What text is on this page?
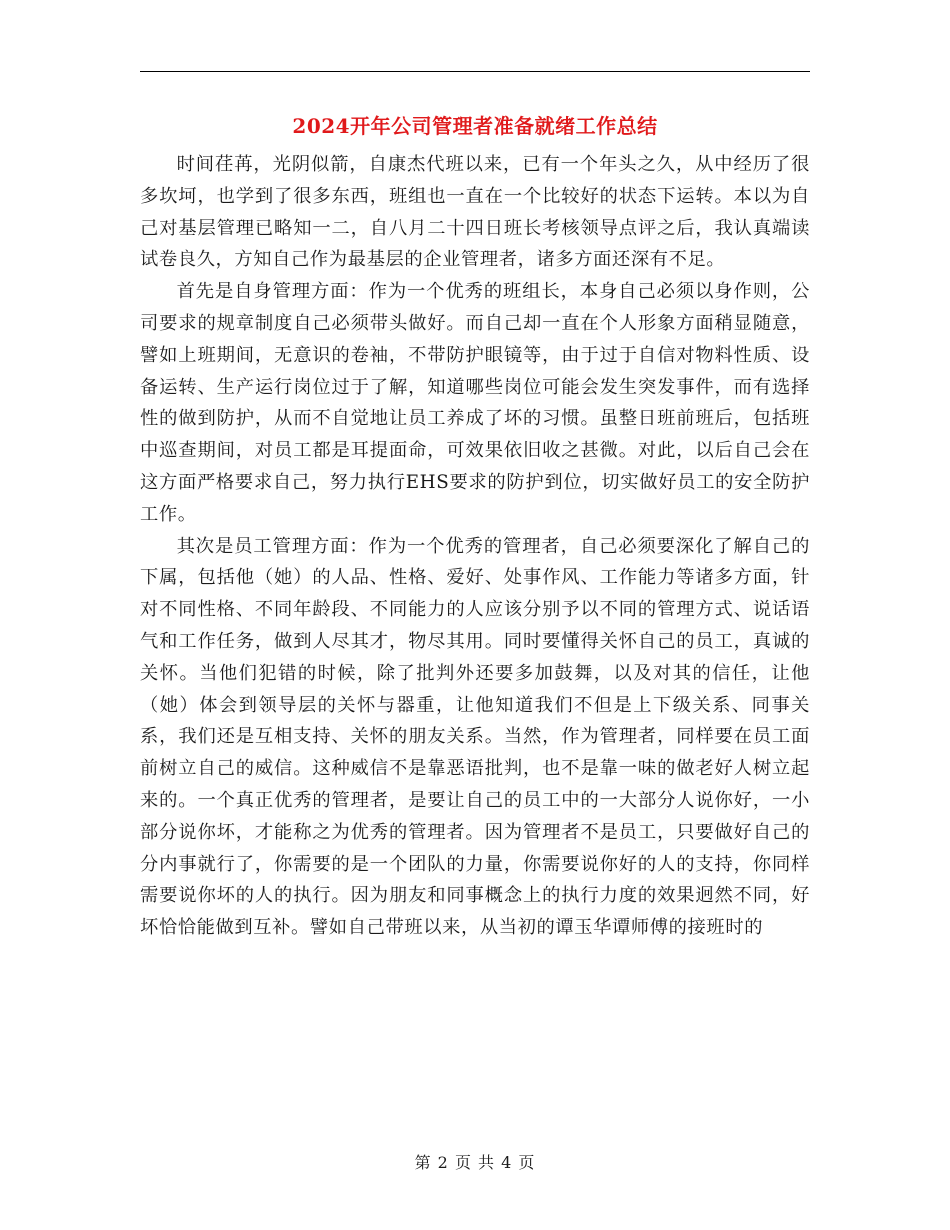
2024开年公司管理者准备就绪工作总结

时间荏苒，光阴似箭，自康杰代班以来，已有一个年头之久，从中经历了很多坎坷，也学到了很多东西，班组也一直在一个比较好的状态下运转。本以为自己对基层管理已略知一二，自八月二十四日班长考核领导点评之后，我认真端读试卷良久，方知自己作为最基层的企业管理者，诸多方面还深有不足。

首先是自身管理方面：作为一个优秀的班组长，本身自己必须以身作则，公司要求的规章制度自己必须带头做好。而自己却一直在个人形象方面稍显随意，譬如上班期间，无意识的卷袖，不带防护眼镜等，由于过于自信对物料性质、设备运转、生产运行岗位过于了解，知道哪些岗位可能会发生突发事件，而有选择性的做到防护，从而不自觉地让员工养成了坏的习惯。虽整日班前班后，包括班中巡查期间，对员工都是耳提面命，可效果依旧收之甚微。对此，以后自己会在这方面严格要求自己，努力执行EHS要求的防护到位，切实做好员工的安全防护工作。

其次是员工管理方面：作为一个优秀的管理者，自己必须要深化了解自己的下属，包括他（她）的人品、性格、爱好、处事作风、工作能力等诸多方面，针对不同性格、不同年龄段、不同能力的人应该分别予以不同的管理方式、说话语气和工作任务，做到人尽其才，物尽其用。同时要懂得关怀自己的员工，真诚的关怀。当他们犯错的时候，除了批判外还要多加鼓舞，以及对其的信任，让他（她）体会到领导层的关怀与器重，让他知道我们不但是上下级关系、同事关系，我们还是互相支持、关怀的朋友关系。当然，作为管理者，同样要在员工面前树立自己的威信。这种威信不是靠恶语批判，也不是靠一味的做老好人树立起来的。一个真正优秀的管理者，是要让自己的员工中的一大部分人说你好，一小部分说你坏，才能称之为优秀的管理者。因为管理者不是员工，只要做好自己的分内事就行了，你需要的是一个团队的力量，你需要说你好的人的支持，你同样需要说你坏的人的执行。因为朋友和同事概念上的执行力度的效果迥然不同，好坏恰恰能做到互补。譬如自己带班以来，从当初的谭玉华谭师傅的接班时的

第 2 页 共 4 页
